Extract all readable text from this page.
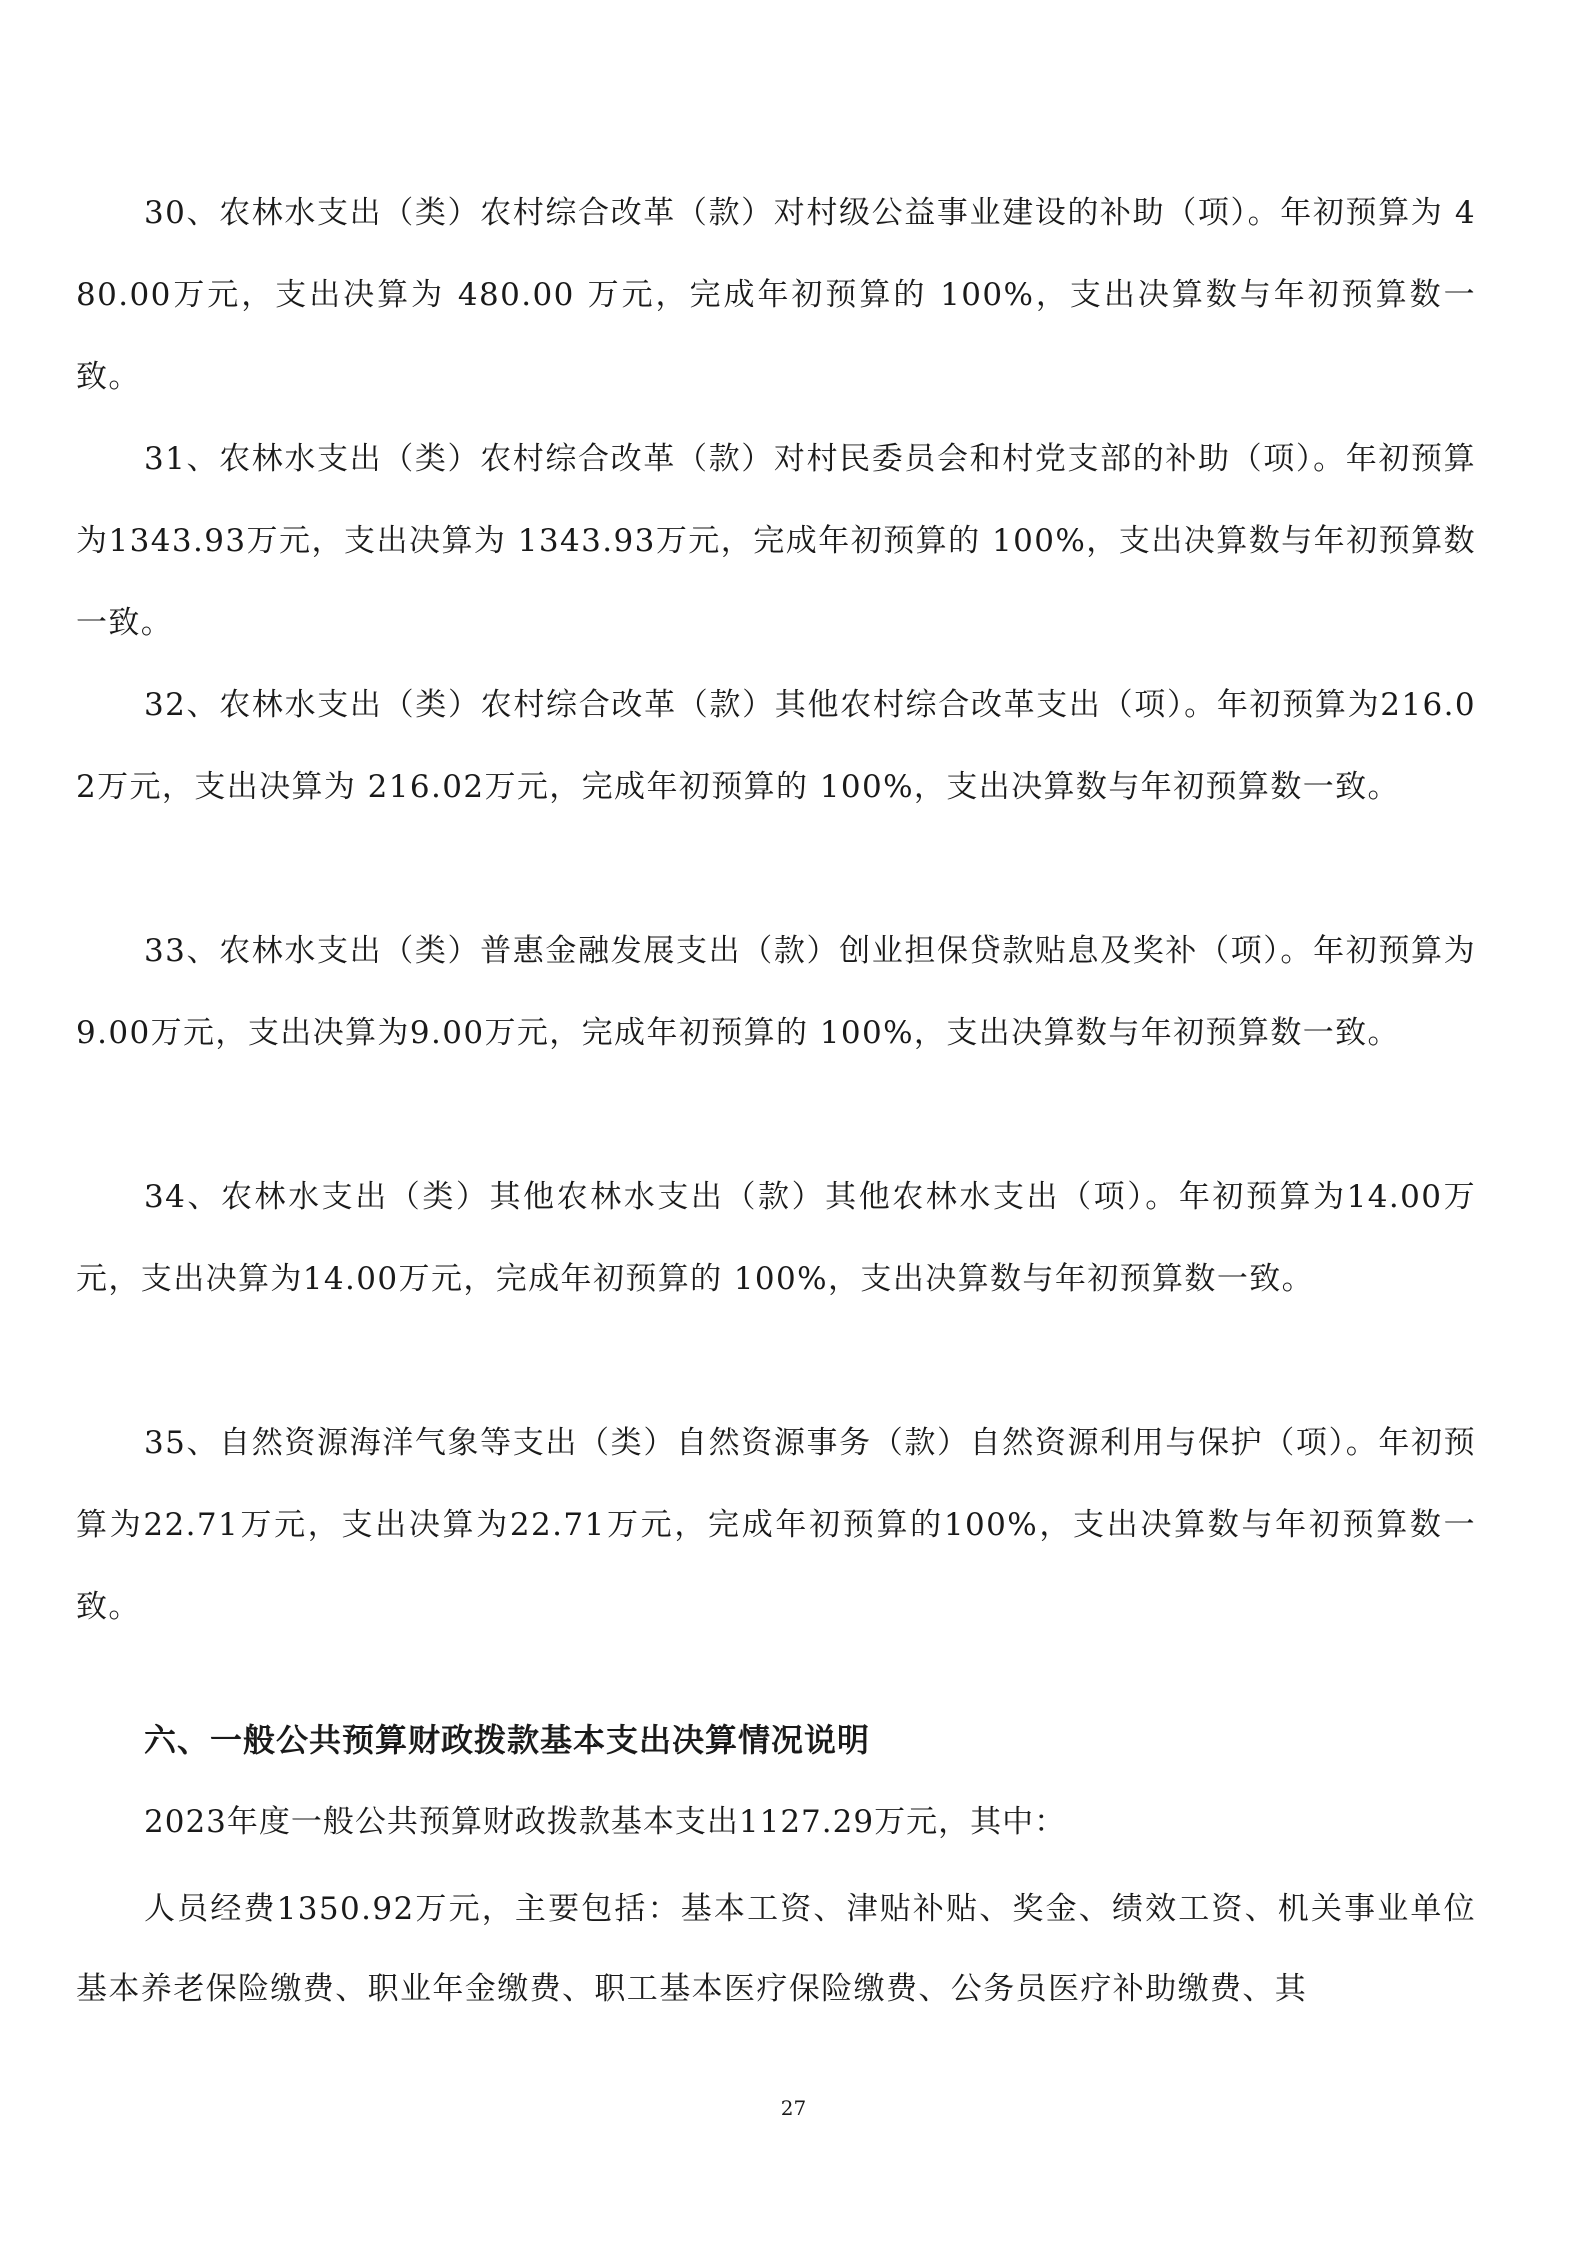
30、农林水支出（类）农村综合改革（款）对村级公益事业建设的补助（项）。年初预算为 480.00万元，支出决算为 480.00 万元，完成年初预算的 100%，支出决算数与年初预算数一致。

31、农林水支出（类）农村综合改革（款）对村民委员会和村党支部的补助（项）。年初预算为1343.93万元，支出决算为 1343.93万元，完成年初预算的 100%，支出决算数与年初预算数一致。

32、农林水支出（类）农村综合改革（款）其他农村综合改革支出（项）。年初预算为216.02万元，支出决算为 216.02万元，完成年初预算的 100%，支出决算数与年初预算数一致。

33、农林水支出（类）普惠金融发展支出（款）创业担保贷款贴息及奖补（项）。年初预算为 9.00万元，支出决算为9.00万元，完成年初预算的 100%，支出决算数与年初预算数一致。

34、农林水支出（类）其他农林水支出（款）其他农林水支出（项）。年初预算为14.00万元，支出决算为14.00万元，完成年初预算的 100%，支出决算数与年初预算数一致。

35、自然资源海洋气象等支出（类）自然资源事务（款）自然资源利用与保护（项）。年初预算为22.71万元，支出决算为22.71万元，完成年初预算的100%，支出决算数与年初预算数一致。

六、一般公共预算财政拨款基本支出决算情况说明

2023年度一般公共预算财政拨款基本支出1127.29万元，其中：

人员经费1350.92万元，主要包括：基本工资、津贴补贴、奖金、绩效工资、机关事业单位基本养老保险缴费、职业年金缴费、职工基本医疗保险缴费、公务员医疗补助缴费、其

27
